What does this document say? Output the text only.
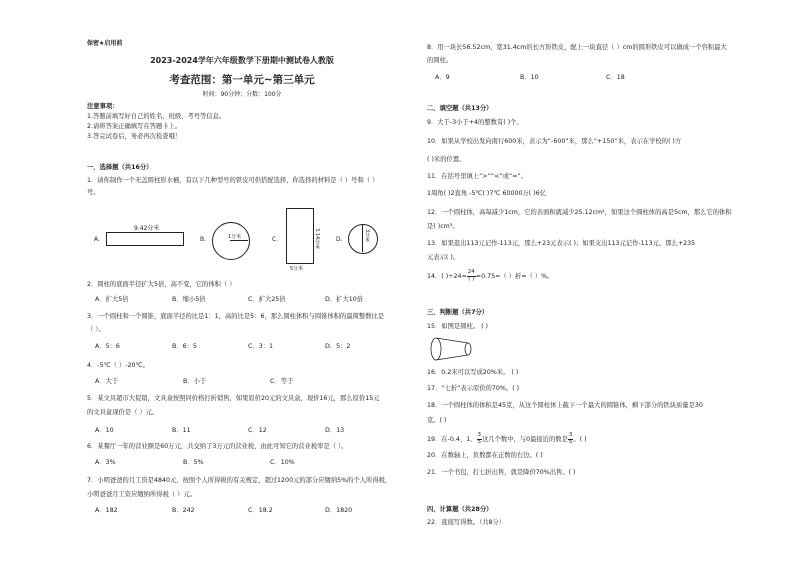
保密★启用前
2023-2024学年六年级数学下册期中测试卷人教版
考查范围：第一单元~第三单元
时间：90分钟；分数：100分
注意事项：
1.答题前填写好自己的姓名、班级、考号等信息。
2.请将答案正确填写在答题卡上。
3.答完试卷后，务必再次检查哦！
一、选择题（共16分）
1．请你制作一个无盖圆柱形水桶，有以下几种型号的铁皮可供搭配选择，你选择的材料是（ ）号和（ ）
号。
A．
9.42分米
B．	1分米	C．	3.14分米
5分米
D．	3分米
2．圆柱的底面半径扩大5倍，高不变，它的体积（ ）
A．扩大5倍	B．缩小5倍	C．扩大25倍	D．扩大10倍
3．一个圆柱和一个圆锥，底面半径的比是1：1，高的比是5：6，那么圆柱体积与圆锥体积的最简整数比是
（ ）。
A．5：6	B．6：5	C．3：1	D．5：2
4．-5℃（ ）-20℃。
A．大于	B．小于	C．等于
5．某文具超市大促销，文具盒按照同价格打折销售，如果原价20元的文具盒，现价16元，那么原价15元
的文具盒现价是（ ）元。
A．10	B．11	C．12	D．13
6．某餐厅一年的营业额是60万元，共交纳了3万元的营业税，由此可知它的营业税率是（ ）。
A．3%	B．5%	C．10%
7．小明爸爸的月工资是4840元，按照个人所得税的有关规定，超过1200元的部分应缴纳5%的个人所得税，
小明爸爸月工资应缴纳所得税（ ）元。
A．182	B．242	C．18.2	D．1820
8．用一块长56.52cm，宽31.4cm的长方形铁皮，配上一块直径（ ）cm的圆形铁皮可以做成一个容积最大
的圆柱。
A．9	B．10	C．18
二、填空题（共13分）
9．大于-3小于+4的整数有( )个。
10．如果从学校出发向南行600米，表示为“-600”米，那么“+150”米，表示在学校的( )方
( )米的位置。
11．在括号里填上“>”“<”或“=”。
1周角( )2直角 -5℃( )7℃ 60000万( )6亿
12．一个圆柱体，高每减少1cm，它的表面积就减少25.12cm²，如果这个圆柱体的高是5cm，那么它的体积
是( )cm³。
13．如果退出113元记作-113元，那么+23元表示( )；如果支出113元记作-113元，那么+235
元表示( )。
14．( )$\div 24= \frac{24}{( )} =0.75=$（ ）折=（ ）%。
三、判断题（共7分）
15．如图是圆柱。 ( )
16．0.2米可以写成20%米。 ( )
17．“七折”表示原价的70%。( )
18．一个圆柱体的体积是45克，从这个圆柱体上截下一个最大的圆锥体，剩下部分的铁块质量是30
克。( )
19．在-0.4、1、 $\frac{3}{5}$ 这几个数中，与0最接近的数是 $\frac{3}{5}$ 。( )
20．在数轴上，负数都在正数的右边。( )
21．一个书包，打七折出售，就是降价70%出售。( )
四、计算题（共28分）
22．直接写得数。（共8分）
